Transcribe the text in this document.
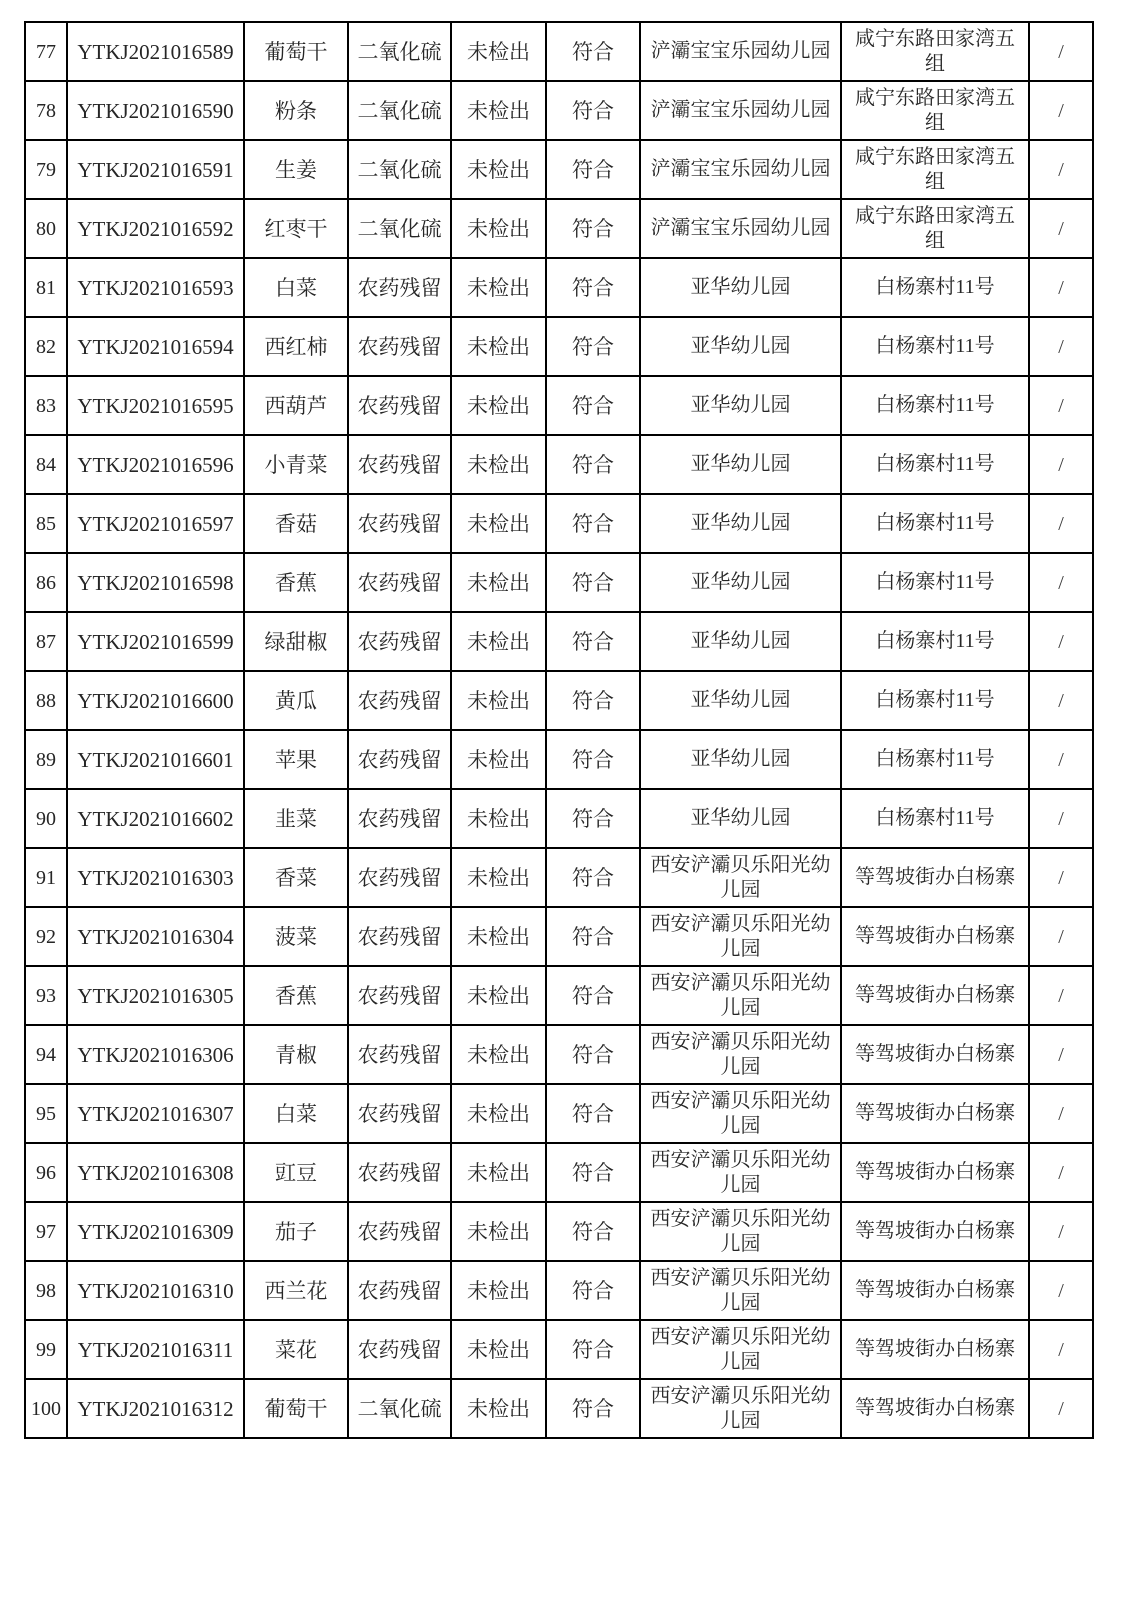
77	YTKJ2021016589	葡萄干	二氧化硫	未检出	符合	浐灞宝宝乐园幼儿园	咸宁东路田家湾五组	/
78	YTKJ2021016590	粉条	二氧化硫	未检出	符合	浐灞宝宝乐园幼儿园	咸宁东路田家湾五组	/
79	YTKJ2021016591	生姜	二氧化硫	未检出	符合	浐灞宝宝乐园幼儿园	咸宁东路田家湾五组	/
80	YTKJ2021016592	红枣干	二氧化硫	未检出	符合	浐灞宝宝乐园幼儿园	咸宁东路田家湾五组	/
81	YTKJ2021016593	白菜	农药残留	未检出	符合	亚华幼儿园	白杨寨村11号	/
82	YTKJ2021016594	西红柿	农药残留	未检出	符合	亚华幼儿园	白杨寨村11号	/
83	YTKJ2021016595	西葫芦	农药残留	未检出	符合	亚华幼儿园	白杨寨村11号	/
84	YTKJ2021016596	小青菜	农药残留	未检出	符合	亚华幼儿园	白杨寨村11号	/
85	YTKJ2021016597	香菇	农药残留	未检出	符合	亚华幼儿园	白杨寨村11号	/
86	YTKJ2021016598	香蕉	农药残留	未检出	符合	亚华幼儿园	白杨寨村11号	/
87	YTKJ2021016599	绿甜椒	农药残留	未检出	符合	亚华幼儿园	白杨寨村11号	/
88	YTKJ2021016600	黄瓜	农药残留	未检出	符合	亚华幼儿园	白杨寨村11号	/
89	YTKJ2021016601	苹果	农药残留	未检出	符合	亚华幼儿园	白杨寨村11号	/
90	YTKJ2021016602	韭菜	农药残留	未检出	符合	亚华幼儿园	白杨寨村11号	/
91	YTKJ2021016303	香菜	农药残留	未检出	符合	西安浐灞贝乐阳光幼儿园	等驾坡街办白杨寨	/
92	YTKJ2021016304	菠菜	农药残留	未检出	符合	西安浐灞贝乐阳光幼儿园	等驾坡街办白杨寨	/
93	YTKJ2021016305	香蕉	农药残留	未检出	符合	西安浐灞贝乐阳光幼儿园	等驾坡街办白杨寨	/
94	YTKJ2021016306	青椒	农药残留	未检出	符合	西安浐灞贝乐阳光幼儿园	等驾坡街办白杨寨	/
95	YTKJ2021016307	白菜	农药残留	未检出	符合	西安浐灞贝乐阳光幼儿园	等驾坡街办白杨寨	/
96	YTKJ2021016308	豇豆	农药残留	未检出	符合	西安浐灞贝乐阳光幼儿园	等驾坡街办白杨寨	/
97	YTKJ2021016309	茄子	农药残留	未检出	符合	西安浐灞贝乐阳光幼儿园	等驾坡街办白杨寨	/
98	YTKJ2021016310	西兰花	农药残留	未检出	符合	西安浐灞贝乐阳光幼儿园	等驾坡街办白杨寨	/
99	YTKJ2021016311	菜花	农药残留	未检出	符合	西安浐灞贝乐阳光幼儿园	等驾坡街办白杨寨	/
100	YTKJ2021016312	葡萄干	二氧化硫	未检出	符合	西安浐灞贝乐阳光幼儿园	等驾坡街办白杨寨	/
